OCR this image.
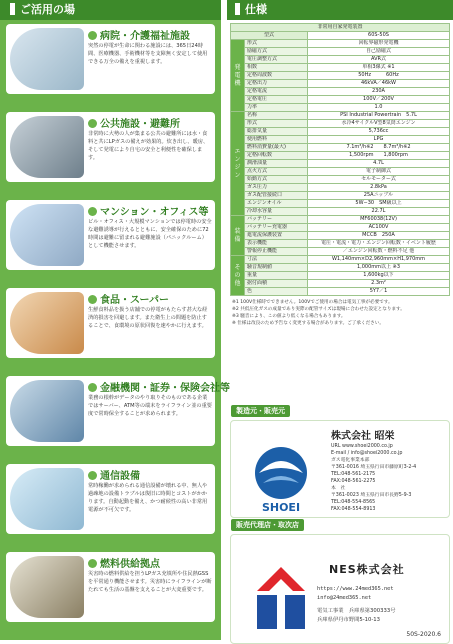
ご活用の場
病院・介護福祉施設
突然の停電が生命に関わる施設には、365日24時間、医療機器、手術機材等を支障無く安定して使用できる万全の備えを重視します。
公共施設・避難所
非常時に大勢の人が集まる公共の避難所には水・食料と共にLPガスの備えが効果的。炊き出し、暖房、そして発電により自宅の安全と利便性を確保します。
マンション・オフィス等
ビル・オフィス・大規模マンションでは停電時の安全な避難誘導が行えるとともに、安全確保のために72時間は避難に留まれる避難施設（パニックルーム）として機能させます。
食品・スーパー
生鮮食料品を扱う店舗での停電がもたらす甚大な経済的損害を回避します。また衛生上の問題を防止することで、食環境の原状回復を速やかに行えます。
金融機関・証券・保険会社等
業務の根幹がデータのやり取りそのものである企業ではサーバー、ATM等の端末をライフライン並の重要度で常時保全することが求められます。
通信設備
常時稼働が求められる通信設備が壊れる中、無人や過疎地の設備トラブルは復旧に時間とコストがかかります。自動起動を備え、かつ耐候性の高い非常用電源が不可欠です。
燃料供給拠点
災害時の燃料供給を担うLPガス充填所や住民熱GSSを平常通り機能させます。災害時にライフラインが断たれても生活の基盤を支えることが大変重要です。
仕様
非常用自家発電装置		
型式		60S-50S
発電機	形式	回転界磁形発電機
	励磁方式	自己励磁式
	電圧調整方式	AVR式
	相数	単相3線式 ※1
	定格周波数	50Hz　　　60Hz
	定格出力	46kVA／46kW
	定格電流	230A
	定格電圧	100V／200V
	力率	1.0
エンジン	名称	PSI Industrial Powertrain　5.7L
	形式	水冷4サイクルV型8気筒エンジン
	総排気量	5,736cc
	使用燃料	LPG
	燃料消費量(最大)	7.1m³/h※2　　8.7m³/h※2
	定格回転数	1,500rpm　　1,800rpm
	潤滑油量	4.7L
	点火方式	電子制御式
	始動方式	セルモーター式
	ガス圧力	2.8kPa
	ガス配管接続口	25Aニップル
	エンジンオイル	5W−30　SM級以上
	冷却水容量	22.7L
装備	バッテリー	MF60038(12V)
	バッテリー充電器	AC100V
	遮電流保護装置	MCCB　250A
	表示機能	電圧・電流・電力・エンジン回転数・イベント履歴
	警報停止機能	／エンジン回転数・燃料不足 他
その他	寸法	W1,140mm×D2,960mm×H1,970mm
	騒音規制値	1,000mm以上 ※3
	重量	1,600kg以下
	据付面積	2.3m²
	色	5Y7／1
※1 100V仕様時でできません。100Vでご使用の場合は電気工事が必要です。
※2 共低圧化ガスの成量であり実際の配管サイズは現場に合わせた設定となります。
※3 騒音により、この値より低くなる場合もあります。
※ 仕様は改良のため予告なく変更する場合があります。ご了承ください。
製造元・販売元
SHOEI
株式会社 昭栄
URL www.shoei2000.co.jp
E-mail / info@shoei2000.co.jp
ガス電化事業本部
〒361-0016 埼玉県行田市藤原町3-2-4
TEL:048-561-2175
FAX:048-561-2275
本　社
〒361-0023 埼玉県行田市長野5-9-3
TEL:048-554-8565
FAX:048-554-8913
販売代理店・取次店
NES株式会社
https://www.24med365.net
info@24med365.net
電気工事業　兵庫県第300333号
兵庫県伊丹市野間5-10-13
50S-2020.6
